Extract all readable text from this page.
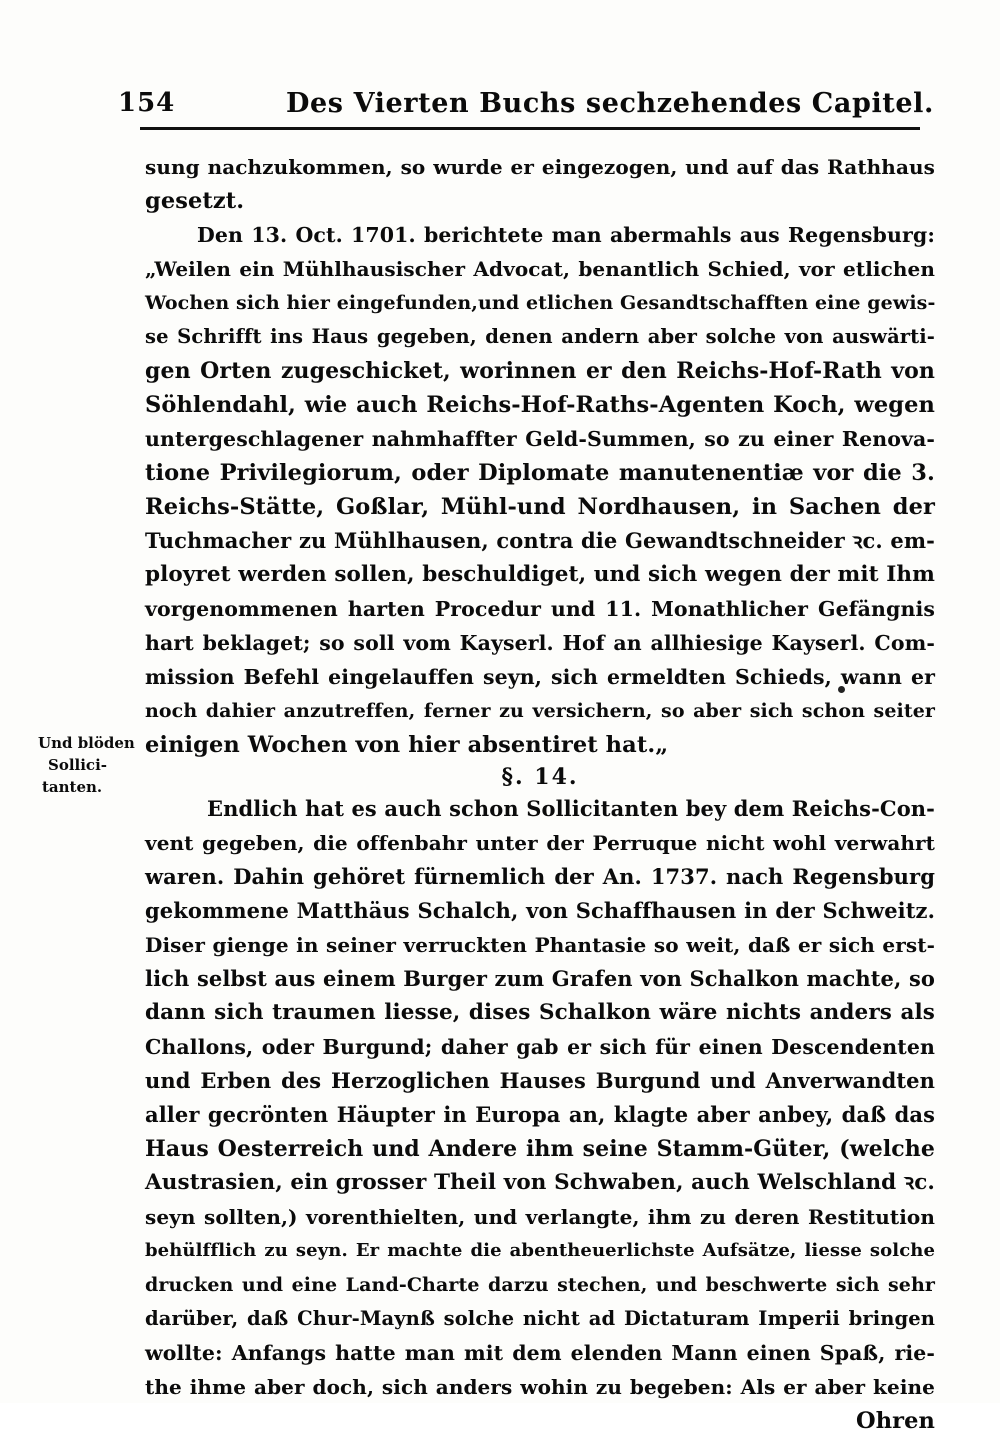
154	Des Vierten Buchs sechzehendes Capitel.
Und blöden
Sollici-
tanten.
sung nachzukommen, so wurde er eingezogen, und auf das Rathhaus
gesetzt.
Den 13. Oct. 1701. berichtete man abermahls aus Regensburg:
„Weilen ein Mühlhausischer Advocat, benantlich Schied, vor etlichen
Wochen sich hier eingefunden,und etlichen Gesandtschafften eine gewis-
se Schrifft ins Haus gegeben, denen andern aber solche von auswärti-
gen Orten zugeschicket, worinnen er den Reichs-Hof-Rath von
Söhlendahl, wie auch Reichs-Hof-Raths-Agenten Koch, wegen
untergeschlagener nahmhaffter Geld-Summen, so zu einer Renova-
tione Privilegiorum, oder Diplomate manutenentiæ vor die 3.
Reichs-Stätte, Goßlar, Mühl-und Nordhausen, in Sachen der
Tuchmacher zu Mühlhausen, contra die Gewandtschneider ꝛc. em-
ployret werden sollen, beschuldiget, und sich wegen der mit Ihm
vorgenommenen harten Procedur und 11. Monathlicher Gefängnis
hart beklaget; so soll vom Kayserl. Hof an allhiesige Kayserl. Com-
mission Befehl eingelauffen seyn, sich ermeldten Schieds, wann er
noch dahier anzutreffen, ferner zu versichern, so aber sich schon seiter
einigen Wochen von hier absentiret hat.„
§. 14.
Endlich hat es auch schon Sollicitanten bey dem Reichs-Con-
vent gegeben, die offenbahr unter der Perruque nicht wohl verwahrt
waren. Dahin gehöret fürnemlich der An. 1737. nach Regensburg
gekommene Matthäus Schalch, von Schaffhausen in der Schweitz.
Diser gienge in seiner verruckten Phantasie so weit, daß er sich erst-
lich selbst aus einem Burger zum Grafen von Schalkon machte, so
dann sich traumen liesse, dises Schalkon wäre nichts anders als
Challons, oder Burgund; daher gab er sich für einen Descendenten
und Erben des Herzoglichen Hauses Burgund und Anverwandten
aller gecrönten Häupter in Europa an, klagte aber anbey, daß das
Haus Oesterreich und Andere ihm seine Stamm-Güter, (welche
Austrasien, ein grosser Theil von Schwaben, auch Welschland ꝛc.
seyn sollten,) vorenthielten, und verlangte, ihm zu deren Restitution
behülfflich zu seyn. Er machte die abentheuerlichste Aufsätze, liesse solche
drucken und eine Land-Charte darzu stechen, und beschwerte sich sehr
darüber, daß Chur-Maynß solche nicht ad Dictaturam Imperii bringen
wollte: Anfangs hatte man mit dem elenden Mann einen Spaß, rie-
the ihme aber doch, sich anders wohin zu begeben: Als er aber keine
Ohren
